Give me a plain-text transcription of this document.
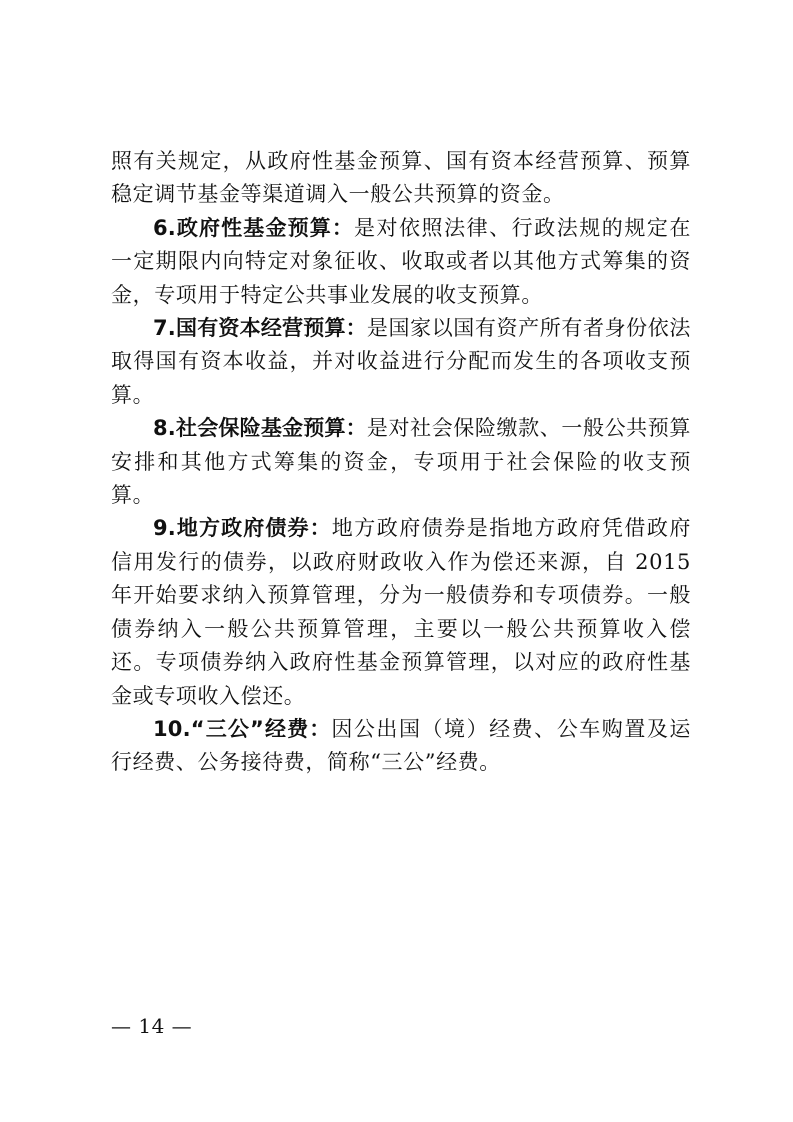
照有关规定，从政府性基金预算、国有资本经营预算、预算稳定调节基金等渠道调入一般公共预算的资金。

6.政府性基金预算：是对依照法律、行政法规的规定在一定期限内向特定对象征收、收取或者以其他方式筹集的资金，专项用于特定公共事业发展的收支预算。

7.国有资本经营预算：是国家以国有资产所有者身份依法取得国有资本收益，并对收益进行分配而发生的各项收支预算。

8.社会保险基金预算：是对社会保险缴款、一般公共预算安排和其他方式筹集的资金，专项用于社会保险的收支预算。

9.地方政府债券：地方政府债券是指地方政府凭借政府信用发行的债券，以政府财政收入作为偿还来源，自 2015 年开始要求纳入预算管理，分为一般债券和专项债券。一般债券纳入一般公共预算管理，主要以一般公共预算收入偿还。专项债券纳入政府性基金预算管理，以对应的政府性基金或专项收入偿还。

10.“三公”经费：因公出国（境）经费、公车购置及运行经费、公务接待费，简称“三公”经费。

— 14 —
